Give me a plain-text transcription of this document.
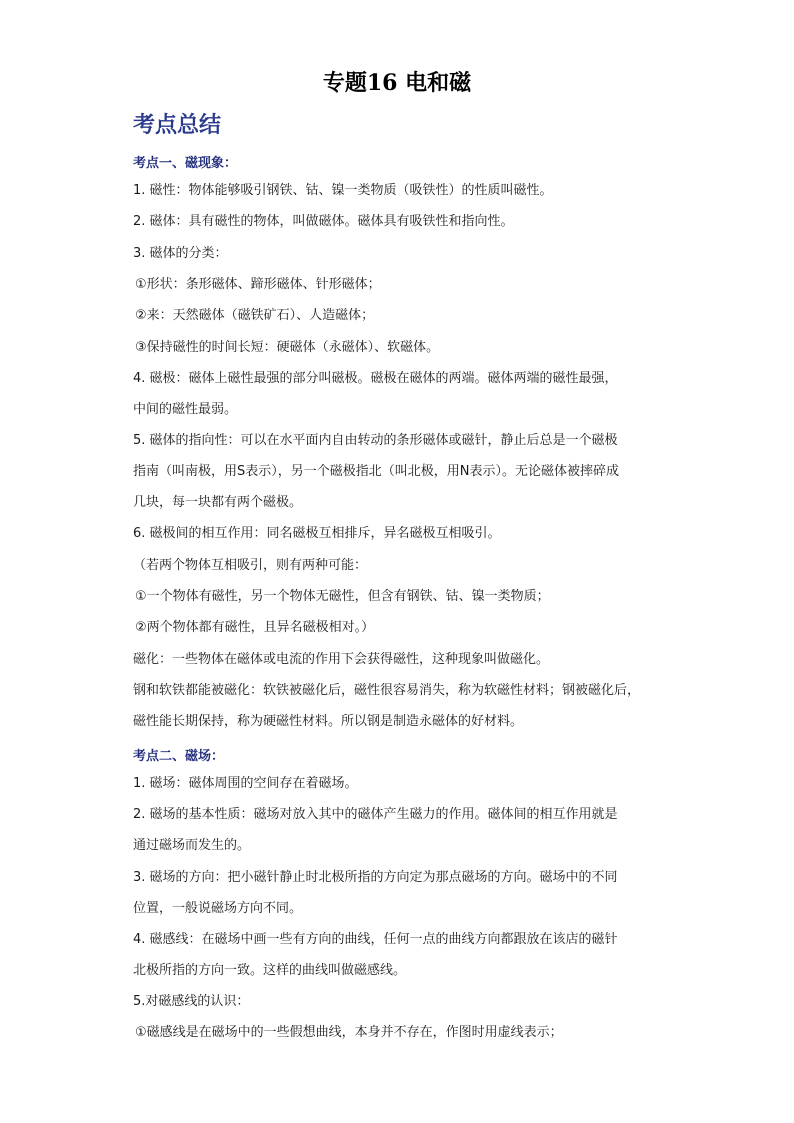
专题16 电和磁
考点总结
考点一、磁现象：
1. 磁性：物体能够吸引钢铁、钴、镍一类物质（吸铁性）的性质叫磁性。
2. 磁体：具有磁性的物体，叫做磁体。磁体具有吸铁性和指向性。
3. 磁体的分类：
①形状：条形磁体、蹄形磁体、针形磁体；
②来：天然磁体（磁铁矿石）、人造磁体；
③保持磁性的时间长短：硬磁体（永磁体）、软磁体。
4. 磁极：磁体上磁性最强的部分叫磁极。磁极在磁体的两端。磁体两端的磁性最强，
中间的磁性最弱。
5. 磁体的指向性：可以在水平面内自由转动的条形磁体或磁针，静止后总是一个磁极
指南（叫南极，用S表示），另一个磁极指北（叫北极，用N表示）。无论磁体被摔碎成
几块，每一块都有两个磁极。
6. 磁极间的相互作用：同名磁极互相排斥，异名磁极互相吸引。
（若两个物体互相吸引，则有两种可能：
①一个物体有磁性，另一个物体无磁性，但含有钢铁、钴、镍一类物质；
②两个物体都有磁性，且异名磁极相对。）
磁化：一些物体在磁体或电流的作用下会获得磁性，这种现象叫做磁化。
钢和软铁都能被磁化：软铁被磁化后，磁性很容易消失，称为软磁性材料；钢被磁化后，
磁性能长期保持，称为硬磁性材料。所以钢是制造永磁体的好材料。
考点二、磁场：
1. 磁场：磁体周围的空间存在着磁场。
2. 磁场的基本性质：磁场对放入其中的磁体产生磁力的作用。磁体间的相互作用就是
通过磁场而发生的。
3. 磁场的方向：把小磁针静止时北极所指的方向定为那点磁场的方向。磁场中的不同
位置，一般说磁场方向不同。
4. 磁感线：在磁场中画一些有方向的曲线，任何一点的曲线方向都跟放在该店的磁针
北极所指的方向一致。这样的曲线叫做磁感线。
5.对磁感线的认识：
①磁感线是在磁场中的一些假想曲线，本身并不存在，作图时用虚线表示；
